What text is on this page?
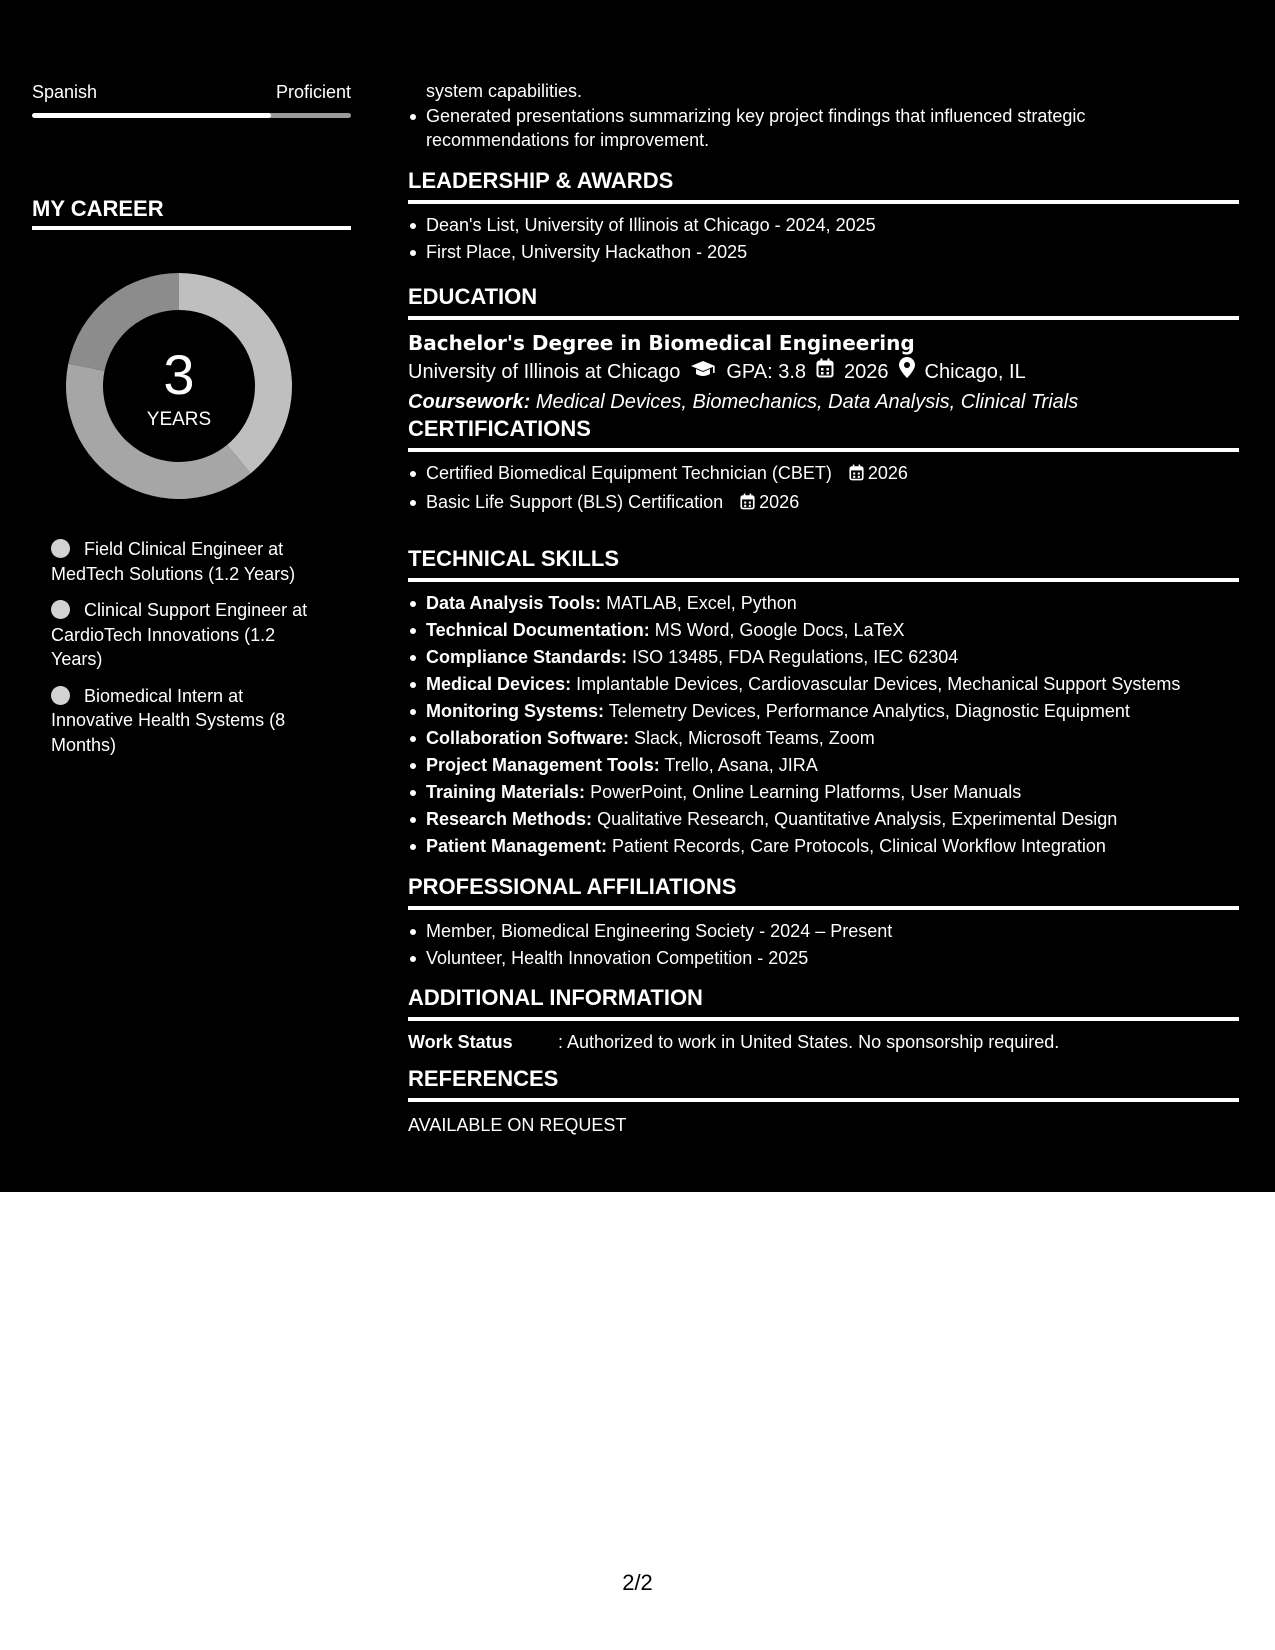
Spanish	Proficient
MY CAREER
3
YEARS
Field Clinical Engineer at MedTech Solutions (1.2 Years)
Clinical Support Engineer at CardioTech Innovations (1.2 Years)
Biomedical Intern at Innovative Health Systems (8 Months)
system capabilities.
Generated presentations summarizing key project findings that influenced strategic
recommendations for improvement.
LEADERSHIP & AWARDS
Dean's List, University of Illinois at Chicago - 2024, 2025
First Place, University Hackathon - 2025
EDUCATION
Bachelor's Degree in Biomedical Engineering
University of Illinois at Chicago GPA: 3.8 2026 Chicago, IL
Coursework: Medical Devices, Biomechanics, Data Analysis, Clinical Trials
CERTIFICATIONS
Certified Biomedical Equipment Technician (CBET) 2026
Basic Life Support (BLS) Certification 2026
TECHNICAL SKILLS
Data Analysis Tools: MATLAB, Excel, Python
Technical Documentation: MS Word, Google Docs, LaTeX
Compliance Standards: ISO 13485, FDA Regulations, IEC 62304
Medical Devices: Implantable Devices, Cardiovascular Devices, Mechanical Support Systems
Monitoring Systems: Telemetry Devices, Performance Analytics, Diagnostic Equipment
Collaboration Software: Slack, Microsoft Teams, Zoom
Project Management Tools: Trello, Asana, JIRA
Training Materials: PowerPoint, Online Learning Platforms, User Manuals
Research Methods: Qualitative Research, Quantitative Analysis, Experimental Design
Patient Management: Patient Records, Care Protocols, Clinical Workflow Integration
PROFESSIONAL AFFILIATIONS
Member, Biomedical Engineering Society - 2024 – Present
Volunteer, Health Innovation Competition - 2025
ADDITIONAL INFORMATION
Work Status	: Authorized to work in United States. No sponsorship required.
REFERENCES
AVAILABLE ON REQUEST
2/2
